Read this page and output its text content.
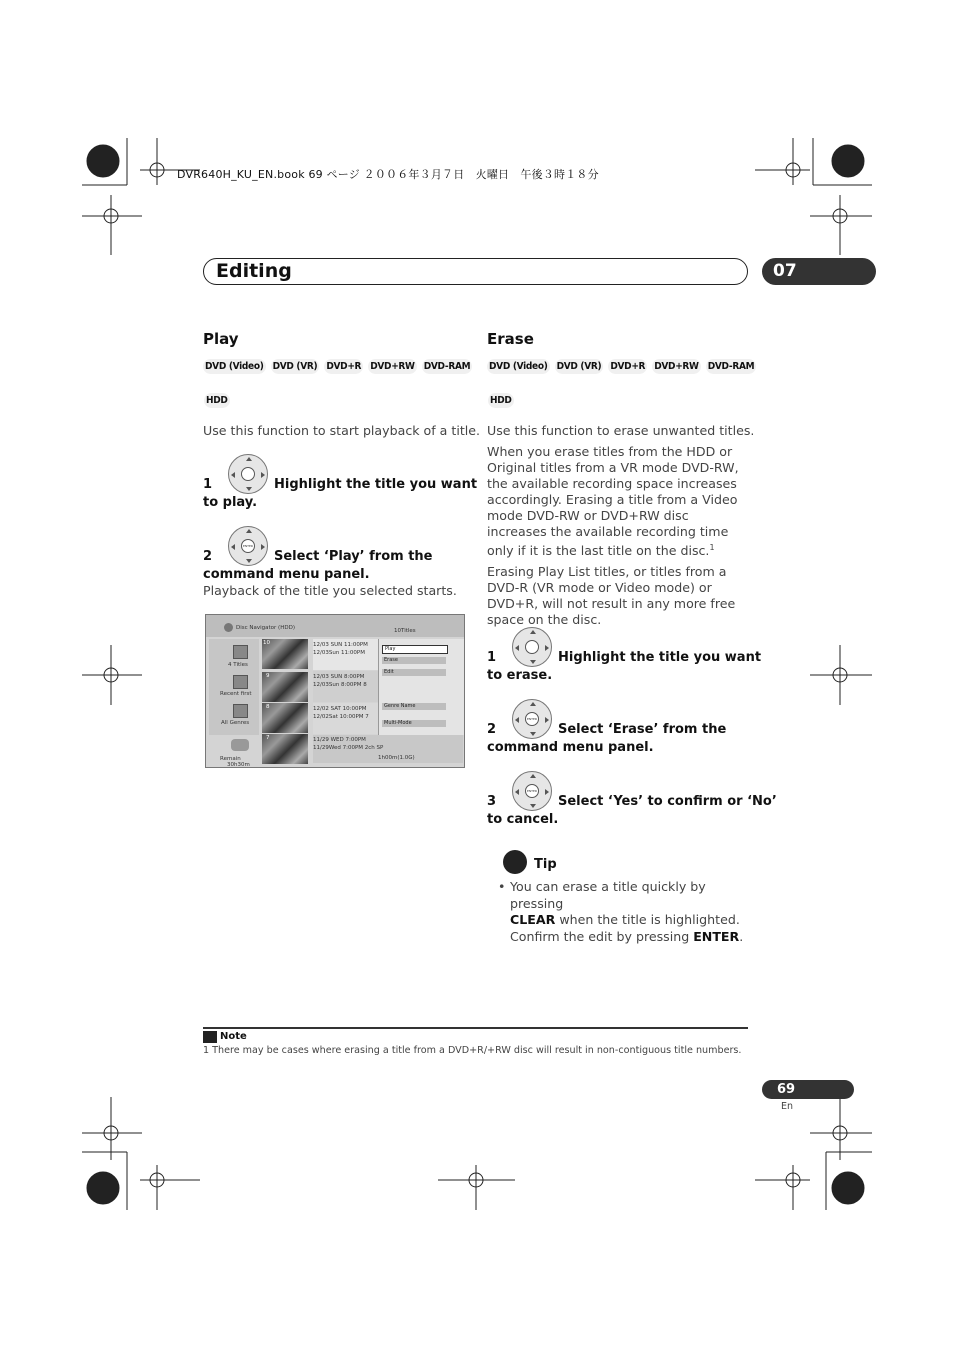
DVR640H_KU_EN.book 69 ページ ２００６年３月７日　火曜日　午後３時１８分
Editing	07
Play
DVD (Video) DVD (VR) DVD+R DVD+RW DVD-RAM
HDD
Use this function to start playback of a title.
1	Highlight the title you want
to play.
2
ENTER
Select ‘Play’ from the
command menu panel.
Playback of the title you selected starts.
Disc Navigator (HDD)	10Titles
4 Titles
Recent first
All Genres
Remain
30h30m
10
9
8
7
12/03 SUN 11:00PM
12/03Sun 11:00PM
12/03 SUN 8:00PM
12/03Sun 8:00PM 8
12/02 SAT 10:00PM
12/02Sat 10:00PM 7
11/29 WED 7:00PM
11/29Wed 7:00PM 2ch SP
1h00m(1.0G)
Play
Erase
Edit
Genre Name
Multi-Mode
Erase
DVD (Video) DVD (VR) DVD+R DVD+RW DVD-RAM
HDD
Use this function to erase unwanted titles.
When you erase titles from the HDD or Original titles from a VR mode DVD-RW, the available recording space increases accordingly. Erasing a title from a Video mode DVD-RW or DVD+RW disc increases the available recording time only if it is the last title on the disc.$^1$
Erasing Play List titles, or titles from a DVD-R (VR mode or Video mode) or DVD+R, will not result in any more free space on the disc.
1	Highlight the title you want
to erase.
2
ENTER
Select ‘Erase’ from the
command menu panel.
3
ENTER
Select ‘Yes’ to confirm or ‘No’
to cancel.
Tip
• You can erase a title quickly by pressing
CLEAR when the title is highlighted.
Confirm the edit by pressing ENTER.
Note
1 There may be cases where erasing a title from a DVD+R/+RW disc will result in non-contiguous title numbers.
69
En
